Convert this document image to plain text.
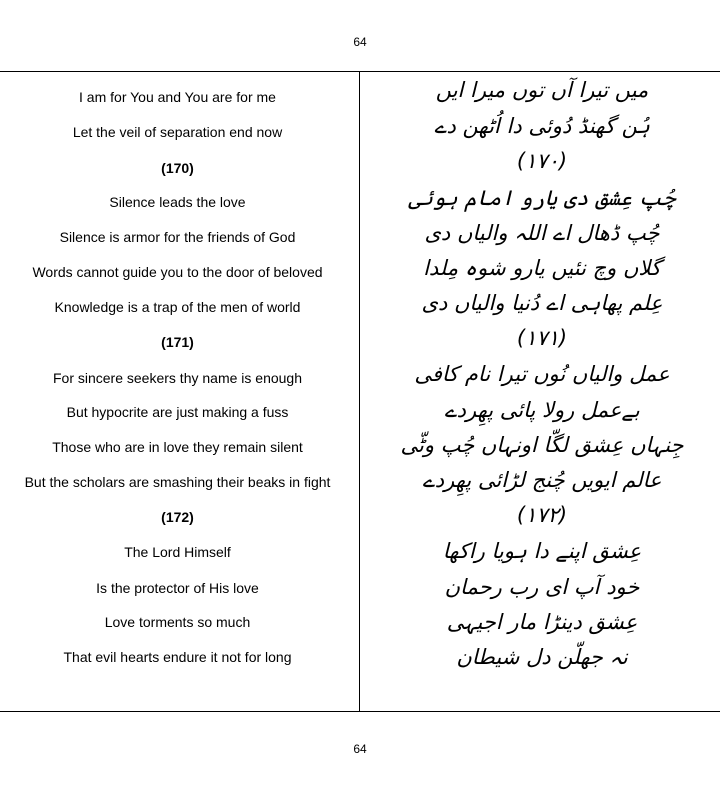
64
I am for You and You are for me
Let the veil of separation end now
(170)
Silence leads the love
Silence is armor for the friends of God
Words cannot guide you to the door of beloved
Knowledge is a trap of the men of world
(171)
For sincere seekers thy name is enough
But hypocrite are just making a fuss
Those who are in love they remain silent
But the scholars are smashing their beaks in fight
(172)
The Lord Himself
Is the protector of His love
Love torments so much
That evil hearts endure it not for long
میں تیرا آں توں میرا ایں
ہُن گھنڈ دُوئی دا اُٹھن دے
(۱۷۰)
چُپ عِشق دی یارو امام ہوئی
چُپ ڈھال اے اللہ والیاں دی
گلاں وچ نئیں یارو شوہ مِلدا
عِلم پھاہی اے دُنیا والیاں دی
(۱۷۱)
عمل والیاں نُوں تیرا نام کافی
بےعمل رولا پائی پھِردے
جِنہاں عِشق لگّا اونہاں چُپ وٹّی
عالم ایویں چُنج لڑائی پھِردے
(۱۷۲)
عِشق اپنے دا ہویا راکھا
خود آپ ای رب رحمان
عِشق دینڑا مار اجیہی
نہ جھلّن دل شیطان
64
